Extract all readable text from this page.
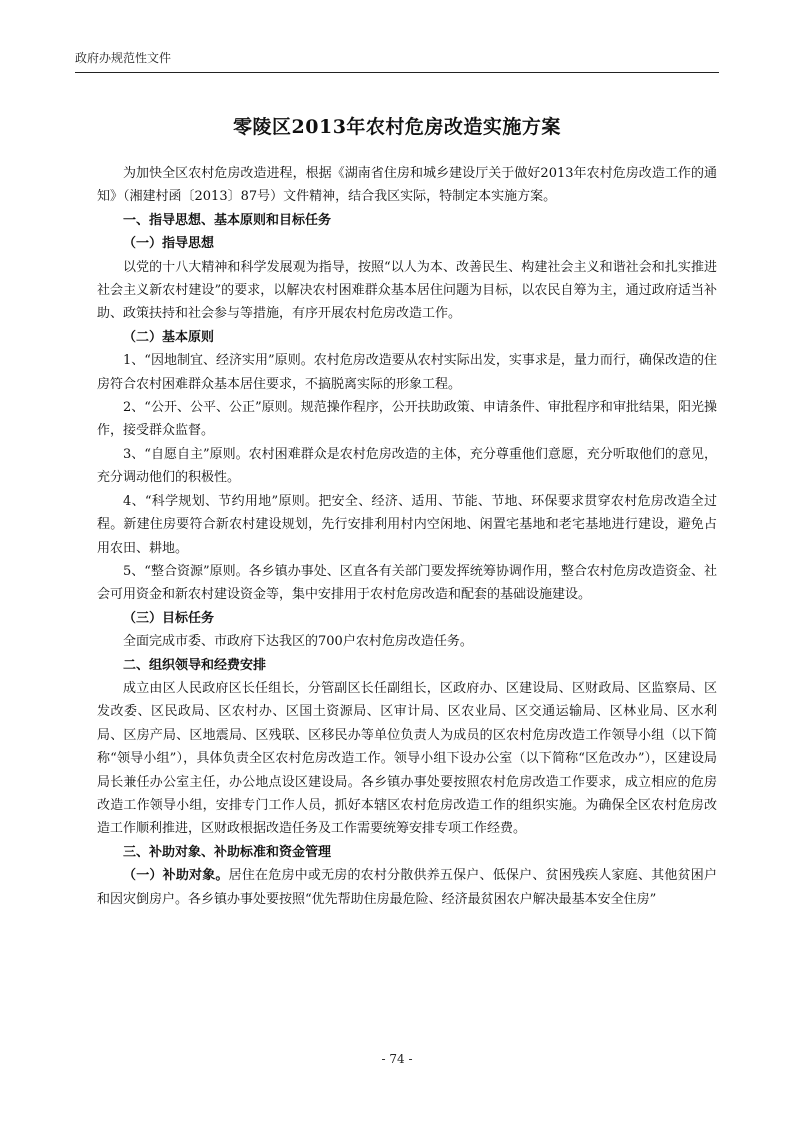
政府办规范性文件
零陵区2013年农村危房改造实施方案

为加快全区农村危房改造进程，根据《湖南省住房和城乡建设厅关于做好2013年农村危房改造工作的通知》（湘建村函〔2013〕87号）文件精神，结合我区实际，特制定本实施方案。

一、指导思想、基本原则和目标任务

（一）指导思想

以党的十八大精神和科学发展观为指导，按照“以人为本、改善民生、构建社会主义和谐社会和扎实推进社会主义新农村建设”的要求，以解决农村困难群众基本居住问题为目标，以农民自筹为主，通过政府适当补助、政策扶持和社会参与等措施，有序开展农村危房改造工作。

（二）基本原则

1、“因地制宜、经济实用”原则。农村危房改造要从农村实际出发，实事求是，量力而行，确保改造的住房符合农村困难群众基本居住要求，不搞脱离实际的形象工程。

2、“公开、公平、公正”原则。规范操作程序，公开扶助政策、申请条件、审批程序和审批结果，阳光操作，接受群众监督。

3、“自愿自主”原则。农村困难群众是农村危房改造的主体，充分尊重他们意愿，充分听取他们的意见，充分调动他们的积极性。

4、“科学规划、节约用地”原则。把安全、经济、适用、节能、节地、环保要求贯穿农村危房改造全过程。新建住房要符合新农村建设规划，先行安排利用村内空闲地、闲置宅基地和老宅基地进行建设，避免占用农田、耕地。

5、“整合资源”原则。各乡镇办事处、区直各有关部门要发挥统筹协调作用，整合农村危房改造资金、社会可用资金和新农村建设资金等，集中安排用于农村危房改造和配套的基础设施建设。

（三）目标任务

全面完成市委、市政府下达我区的700户农村危房改造任务。

二、组织领导和经费安排

成立由区人民政府区长任组长，分管副区长任副组长，区政府办、区建设局、区财政局、区监察局、区发改委、区民政局、区农村办、区国土资源局、区审计局、区农业局、区交通运输局、区林业局、区水利局、区房产局、区地震局、区残联、区移民办等单位负责人为成员的区农村危房改造工作领导小组（以下简称“领导小组”），具体负责全区农村危房改造工作。领导小组下设办公室（以下简称“区危改办”），区建设局局长兼任办公室主任，办公地点设区建设局。各乡镇办事处要按照农村危房改造工作要求，成立相应的危房改造工作领导小组，安排专门工作人员，抓好本辖区农村危房改造工作的组织实施。为确保全区农村危房改造工作顺利推进，区财政根据改造任务及工作需要统筹安排专项工作经费。

三、补助对象、补助标准和资金管理

（一）补助对象。居住在危房中或无房的农村分散供养五保户、低保户、贫困残疾人家庭、其他贫困户和因灾倒房户。各乡镇办事处要按照“优先帮助住房最危险、经济最贫困农户解决最基本安全住房”

- 74 -
